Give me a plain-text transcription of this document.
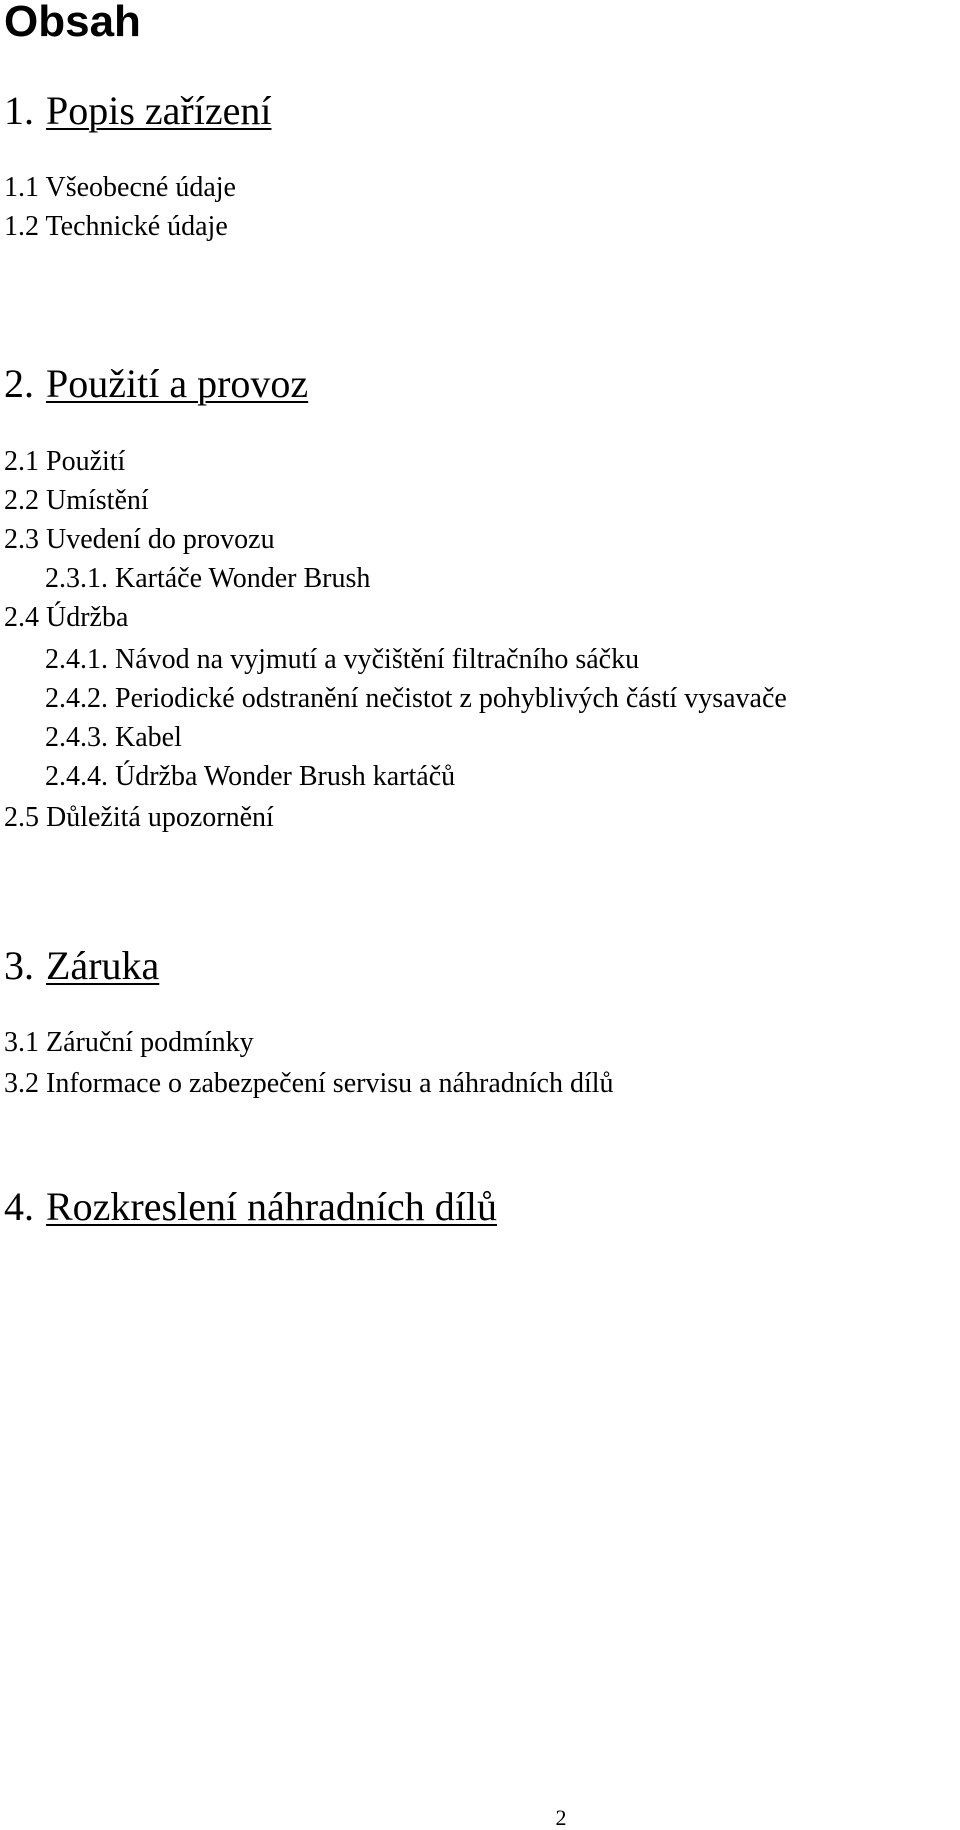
Obsah
1. Popis zařízení

1.1 Všeobecné údaje

1.2 Technické údaje

2. Použití a provoz

2.1 Použití

2.2 Umístění

2.3 Uvedení do provozu

2.3.1. Kartáče Wonder Brush

2.4 Údržba

2.4.1. Návod na vyjmutí a vyčištění filtračního sáčku

2.4.2. Periodické odstranění nečistot z pohyblivých částí vysavače

2.4.3. Kabel

2.4.4. Údržba Wonder Brush kartáčů

2.5 Důležitá upozornění

3. Záruka

3.1 Záruční podmínky

3.2 Informace o zabezpečení servisu a náhradních dílů

4. Rozkreslení náhradních dílů
2
